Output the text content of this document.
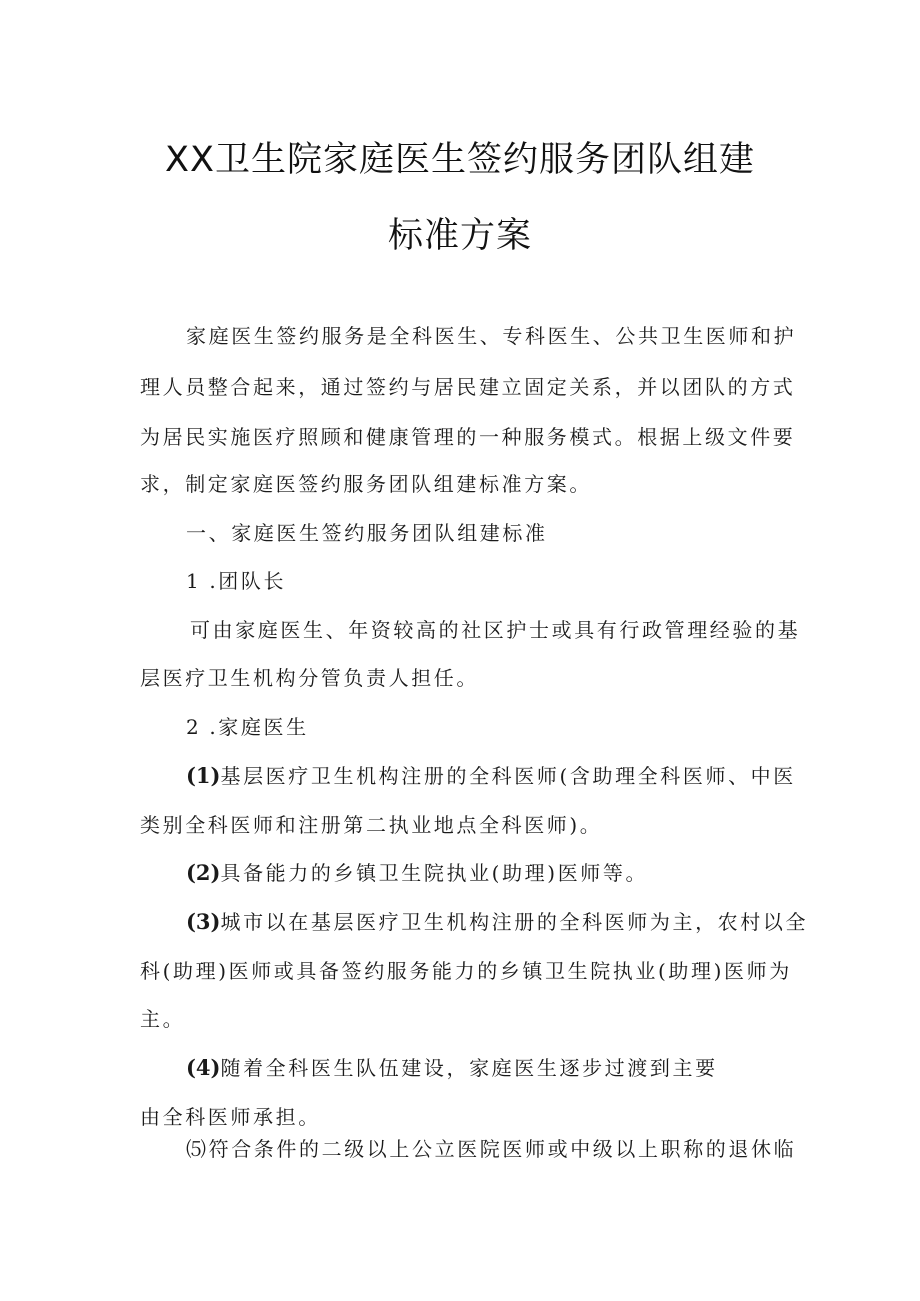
XX卫生院家庭医生签约服务团队组建
标准方案
家庭医生签约服务是全科医生、专科医生、公共卫生医师和护
理人员整合起来，通过签约与居民建立固定关系，并以团队的方式
为居民实施医疗照顾和健康管理的一种服务模式。根据上级文件要
求，制定家庭医签约服务团队组建标准方案。
一、家庭医生签约服务团队组建标准
1 .团队长
可由家庭医生、年资较高的社区护士或具有行政管理经验的基
层医疗卫生机构分管负责人担任。
2 .家庭医生
(1)基层医疗卫生机构注册的全科医师(含助理全科医师、中医
类别全科医师和注册第二执业地点全科医师)。
(2)具备能力的乡镇卫生院执业(助理)医师等。
(3)城市以在基层医疗卫生机构注册的全科医师为主，农村以全
科(助理)医师或具备签约服务能力的乡镇卫生院执业(助理)医师为
主。
(4)随着全科医生队伍建设，家庭医生逐步过渡到主要
由全科医师承担。
⑸符合条件的二级以上公立医院医师或中级以上职称的退休临
